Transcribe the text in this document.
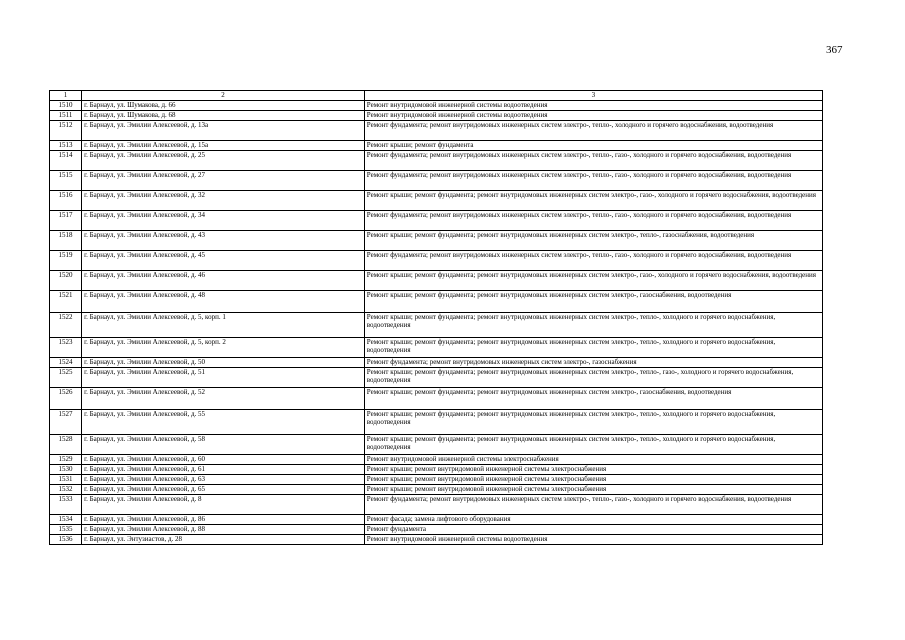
367
1	2	3
1510	г. Барнаул, ул. Шумакова, д. 66	Ремонт внутридомовой инженерной системы водоотведения
1511	г. Барнаул, ул. Шумакова, д. 68	Ремонт внутридомовой инженерной системы водоотведения
1512	г. Барнаул, ул. Эмилии Алексеевой, д. 13а	Ремонт фундамента; ремонт внутридомовых инженерных систем электро-, тепло-, холодного и горячего водоснабжения, водоотведения
1513	г. Барнаул, ул. Эмилии Алексеевой, д. 15а	Ремонт крыши; ремонт фундамента
1514	г. Барнаул, ул. Эмилии Алексеевой, д. 25	Ремонт фундамента; ремонт внутридомовых инженерных систем электро-, тепло-, газо-, холодного и горячего водоснабжения, водоотведения
1515	г. Барнаул, ул. Эмилии Алексеевой, д. 27	Ремонт фундамента; ремонт внутридомовых инженерных систем электро-, тепло-, газо-, холодного и горячего водоснабжения, водоотведения
1516	г. Барнаул, ул. Эмилии Алексеевой, д. 32	Ремонт крыши; ремонт фундамента; ремонт внутридомовых инженерных систем электро-, газо-, холодного и горячего водоснабжения, водоотведения
1517	г. Барнаул, ул. Эмилии Алексеевой, д. 34	Ремонт фундамента; ремонт внутридомовых инженерных систем электро-, тепло-, газо-, холодного и горячего водоснабжения, водоотведения
1518	г. Барнаул, ул. Эмилии Алексеевой, д. 43	Ремонт крыши; ремонт фундамента; ремонт внутридомовых инженерных систем электро-, тепло-, газоснабжения, водоотведения
1519	г. Барнаул, ул. Эмилии Алексеевой, д. 45	Ремонт фундамента; ремонт внутридомовых инженерных систем электро-, тепло-, газо-, холодного и горячего водоснабжения, водоотведения
1520	г. Барнаул, ул. Эмилии Алексеевой, д. 46	Ремонт крыши; ремонт фундамента; ремонт внутридомовых инженерных систем электро-, газо-, холодного и горячего водоснабжения, водоотведения
1521	г. Барнаул, ул. Эмилии Алексеевой, д. 48	Ремонт крыши; ремонт фундамента; ремонт внутридомовых инженерных систем электро-, газоснабжения, водоотведения
1522	г. Барнаул, ул. Эмилии Алексеевой, д. 5, корп. 1	Ремонт крыши; ремонт фундамента; ремонт внутридомовых инженерных систем электро-, тепло-, холодного и горячего водоснабжения, водоотведения
1523	г. Барнаул, ул. Эмилии Алексеевой, д. 5, корп. 2	Ремонт крыши; ремонт фундамента; ремонт внутридомовых инженерных систем электро-, тепло-, холодного и горячего водоснабжения, водоотведения
1524	г. Барнаул, ул. Эмилии Алексеевой, д. 50	Ремонт фундамента; ремонт внутридомовых инженерных систем электро-, газоснабжения
1525	г. Барнаул, ул. Эмилии Алексеевой, д. 51	Ремонт крыши; ремонт фундамента; ремонт внутридомовых инженерных систем электро-, тепло-, газо-, холодного и горячего водоснабжения, водоотведения
1526	г. Барнаул, ул. Эмилии Алексеевой, д. 52	Ремонт крыши; ремонт фундамента; ремонт внутридомовых инженерных систем электро-, газоснабжения, водоотведения
1527	г. Барнаул, ул. Эмилии Алексеевой, д. 55	Ремонт крыши; ремонт фундамента; ремонт внутридомовых инженерных систем электро-, тепло-, холодного и горячего водоснабжения, водоотведения
1528	г. Барнаул, ул. Эмилии Алексеевой, д. 58	Ремонт крыши; ремонт фундамента; ремонт внутридомовых инженерных систем электро-, тепло-, холодного и горячего водоснабжения, водоотведения
1529	г. Барнаул, ул. Эмилии Алексеевой, д. 60	Ремонт внутридомовой инженерной системы электроснабжения
1530	г. Барнаул, ул. Эмилии Алексеевой, д. 61	Ремонт крыши; ремонт внутридомовой инженерной системы электроснабжения
1531	г. Барнаул, ул. Эмилии Алексеевой, д. 63	Ремонт крыши; ремонт внутридомовой инженерной системы электроснабжения
1532	г. Барнаул, ул. Эмилии Алексеевой, д. 65	Ремонт крыши; ремонт внутридомовой инженерной системы электроснабжения
1533	г. Барнаул, ул. Эмилии Алексеевой, д. 8	Ремонт фундамента; ремонт внутридомовых инженерных систем электро-, тепло-, газо-, холодного и горячего водоснабжения, водоотведения
1534	г. Барнаул, ул. Эмилии Алексеевой, д. 86	Ремонт фасада; замена лифтового оборудования
1535	г. Барнаул, ул. Эмилии Алексеевой, д. 88	Ремонт фундамента
1536	г. Барнаул, ул. Энтузиастов, д. 28	Ремонт внутридомовой инженерной системы водоотведения
